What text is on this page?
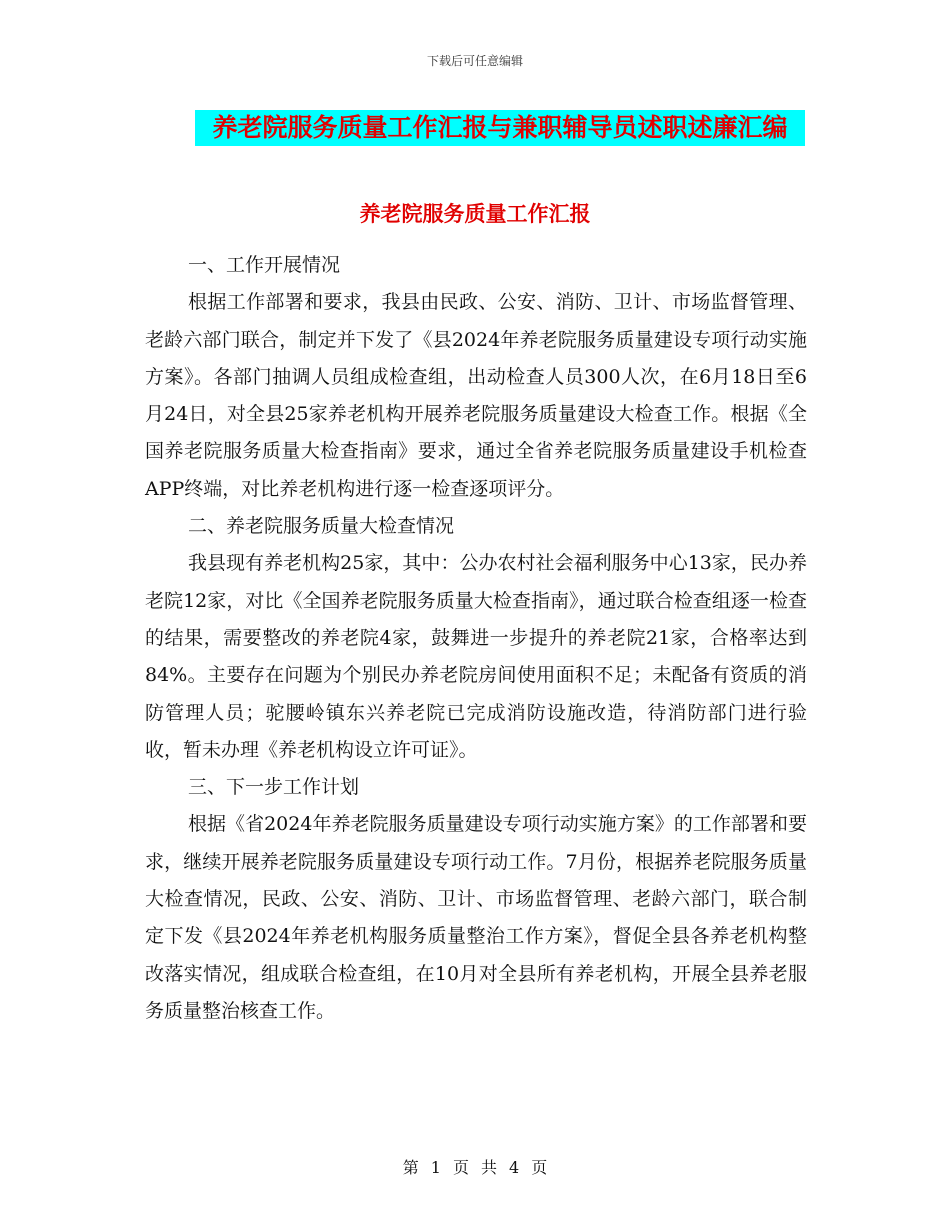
下载后可任意编辑
养老院服务质量工作汇报与兼职辅导员述职述廉汇编
养老院服务质量工作汇报

一、工作开展情况

根据工作部署和要求，我县由民政、公安、消防、卫计、市场监督管理、老龄六部门联合，制定并下发了《县2024年养老院服务质量建设专项行动实施方案》。各部门抽调人员组成检查组，出动检查人员300人次，在6月18日至6月24日，对全县25家养老机构开展养老院服务质量建设大检查工作。根据《全国养老院服务质量大检查指南》要求，通过全省养老院服务质量建设手机检查APP终端，对比养老机构进行逐一检查逐项评分。

二、养老院服务质量大检查情况

我县现有养老机构25家，其中：公办农村社会福利服务中心13家，民办养老院12家，对比《全国养老院服务质量大检查指南》，通过联合检查组逐一检查的结果，需要整改的养老院4家，鼓舞进一步提升的养老院21家，合格率达到84%。主要存在问题为个别民办养老院房间使用面积不足；未配备有资质的消防管理人员；驼腰岭镇东兴养老院已完成消防设施改造，待消防部门进行验收，暂未办理《养老机构设立许可证》。

三、下一步工作计划

根据《省2024年养老院服务质量建设专项行动实施方案》的工作部署和要求，继续开展养老院服务质量建设专项行动工作。7月份，根据养老院服务质量大检查情况，民政、公安、消防、卫计、市场监督管理、老龄六部门，联合制定下发《县2024年养老机构服务质量整治工作方案》，督促全县各养老机构整改落实情况，组成联合检查组，在10月对全县所有养老机构，开展全县养老服务质量整治核查工作。

第 1 页 共 4 页
